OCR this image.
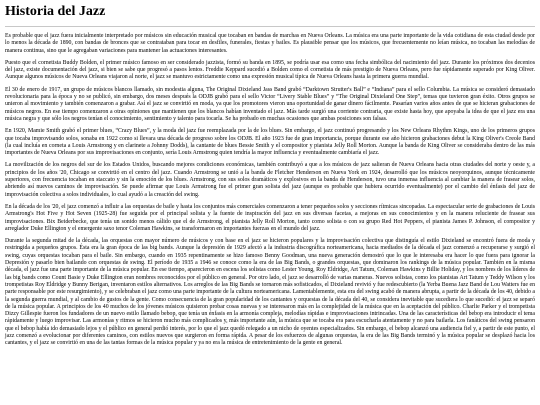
Historia del Jazz

Es probable que el jazz fuera inicialmente interpretado por músicos sin educación musical que tocaban en bandas de marchas en Nueva Orleans. La música era una parte importante de la vida cotidiana de esta ciudad desde por lo menos la década de 1890, con bandas de bronces que se contrataban para tocar en desfiles, funerales, fiestas y bailes. Es plausible pensar que los músicos, que frecuentemente no leían música, no tocaban las melodías de manera continua, sino que le agregaban variaciones para mantener las actuaciones interesantes.

Puesto que el cornetista Buddy Bolden, el primer músico famoso en ser considerado jazzista, formó su banda en 1895, se podría usar esa como una fecha simbólica del nacimiento del jazz. Durante los próximos dos decenios del jazz, existe documentación del jazz, si bien se sabe que progresó a pasos lentos. Freddie Keppard sucedió a Bolden como el cornetista de más prestigio de Nueva Orleans, pero fue rápidamente superado por King Oliver. Aunque algunos músicos de Nueva Orleans viajaron al norte, el jazz se mantuvo estrictamente como una expresión musical típica de Nueva Orleans hasta la primera guerra mundial.

El 30 de enero de 1917, un grupo de músicos blancos llamado, sin modestia alguna, The Original Dixieland Jass Band grabó “Darktown Strutter's Ball” e “Indiana” para el sello Columbia. La música se consideró demasiado revolucionaria para la época y no se publicó, sin embargo, dos meses después la ODJB grabó para el sello Victor “Livery Stable Blues” y “The Original Dixieland One Step”, temas que tuvieron gran éxito. Otros grupos se unieron al movimiento y también comenzaron a grabar. Así el jazz se convirtió en moda, ya que los promotores vieron una oportunidad de ganar dinero fácilmente. Pasarían varios años antes de que se hicieran grabaciones de músicos negros. En ese tiempo comenzaron a otras opiniones que mantienen que los blancos habían inventado el jazz. Más tarde surgió una corriente contraria, que existe hasta hoy, que apoyaba la idea de que el jazz era una música negra y que sólo los negros tenían el conocimiento, sentimiento y talento para tocarla. Se ha probado en muchas ocasiones que ambas posiciones son falsas.

En 1920, Mamie Smith grabó el primer blues, “Crazy Blues”, y la moda del jazz fue reemplazada por la de los blues. Sin embargo, el jazz continuó progresando y los New Orleans Rhythm Kings, uno de los primeros grupos que tocaba improvisando solos, sonaba en 1922 como si llevara una década de progreso sobre los ODJB. El año 1923 fue de gran importancia, porque durante ese año hicieron grabaciones debut la King Oliver's Creole Band (la cual incluía en corneta a Louis Armstrong y en clarinete a Johnny Dodds), la cantante de blues Bessie Smith y el compositor y pianista Jelly Roll Morton. Aunque la banda de King Oliver se consideraba dentro de las más importantes de Nueva Orleans por sus improvisaciones en conjunto, sería Louis Armstrong quien tendría la mayor influencia y eventualmente cambiaría el jazz.

La movilización de los negros del sur de los Estados Unidos, buscando mejores condiciones económicas, también contribuyó a que a los músicos de jazz salieran de Nueva Orleans hacia otras ciudades del norte y oeste y, a principios de los años '20, Chicago se convirtió en el centro del jazz. Cuando Armstrong se unió a la banda de Fletcher Henderson en Nueva York en 1924, desarrolló que los músicos neoyorquinos, aunque técnicamente superiores, con frecuencia tocaban en staccato y sin la emoción de los blues. Armstrong, con sus solos dramáticos y explosivos en la banda de Henderson, tuvo una inmensa influencia al cambiar la manera de frasear solos, abriendo así nuevos caminos de improvisación. Se puede afirmar que Louis Armstrong fue el primer gran solista del jazz (aunque es probable que hubiera ocurrido eventualmente) por el cambio del énfasis del jazz de improvisación colectiva a solos individuales, lo cual ayudó a la creación del swing.

En la década de los '20, el jazz comenzó a influir a las orquestas de baile y hasta los conjuntos más comerciales comenzaron a tener pequeños solos y secciones rítmicas sincopadas. La espectacular serie de grabaciones de Louis Armstrong's Hot Five y Hot Seven (1925-28) fue seguida por el principal solista y la fuente de inspiración del jazz en sus diversas facetas, a mejoras en sus conocimientos y en la manera reluciente de frasear sus improvisaciones. Bix Beiderbecke, que tenía un sonido menos cálido que el de Armstrong, el pianista Jelly Roll Morton, tanto como solista o con su grupo Red Hot Peppers, el pianista James P. Johnson, el compositor y arreglador Duke Ellington y el emergente saxo tenor Coleman Hawkins, se transformaron en importantes fuerzas en el mundo del jazz.

Durante la segunda mitad de la década, las orquestas con mayor número de músicos y con base en el jazz se hicieron populares y la improvisación colectiva que distinguía el estilo Dixieland se encontró fuera de moda y restringida a pequeños grupos. Ésta era la gran época de las big bands. Aunque la depresión de 1929 afectó a la industria discográfica norteamericana, hacia mediados de la década el jazz comenzó a recuperarse y surgió el swing, cuyas orquestas tocaban para el baile. Sin embargo, cuando en 1935 repentinamente se hizo famoso Benny Goodman, una nueva generación demostró que lo que le interesaba era hacer lo que fuera para ignorar la Depresión y pasarlo bien bailando con orquestas de swing. El período de 1935 a 1946 se conoce como la era de las Big Bands, o grandes orquestas, que dominaron los rankings de la música popular. También en la misma década, el jazz fue una parte importante de la música popular. En ese tiempo, aparecieron en escena los solistas como Lester Young, Roy Eldridge, Art Tatum, Coleman Hawkins y Billie Holiday, y los nombres de los líderes de las big bands como Count Basie y Duke Ellington eran nombres reconocidos por el público en general. Por otro lado, el jazz se desarrolló de varias maneras. Nuevos solistas, como los pianistas Art Tatum y Teddy Wilson y los trompetistas Roy Eldridge y Bunny Berigan, inventaron estilos alternativos. Los arreglos de las Big Bands se tornaron más sofisticados, el Dixieland revivió y fue redescubierto (la Yerba Buena Jazz Band de Lou Watters fue en parte responsable por este resurgimiento), y se celebraban el jazz como una parte importante de la cultura norteamericana. Lamentablemente, esta era del swing acabó de manera abrupta, a partir de la década de los 40, debido a la segunda guerra mundial, y al cambio de gustos de la gente. Como consecuencia de la gran popularidad de los cantantes y orquestas de la década del 40, se considera inevitable que sucediera lo que sucedió: el jazz se separó de la música popular. A principios de los 40 muchos de los jóvenes músicos quisieron probar cosas nuevas y se interesaron más en la complejidad de la música que en la aceptación del público. Charlie Parker y el trompetista Dizzy Gillespie fueron los fundadores de un nuevo estilo llamado bebop, que tenía un énfasis en la armonía compleja, melodías rápidas e improvisaciones intrincadas. Una de las características del bebop era introducir el tema rápidamente y luego improvisar. Las armonías y ritmos se hicieron mucho más complicados y, más importante aún, la música que se tocaba era para escucharla atentamente y no para bailarla. Los fanáticos del swing pensaron que el bebop había ido demasiado lejos y el público en general perdió interés, por lo que el jazz quedó relegado a un nicho de oyentes especializados. Sin embargo, el bebop alcanzó una audiencia fiel y, a partir de este punto, el jazz comenzó a evolucionar por diferentes caminos, con estilos nuevos que surgieron en forma rápida. A pesar de los esfuerzos de algunas orquestas, la era de las Big Bands terminó y la música popular se desplazó hacia los cantantes, y el jazz se convirtió en una de las tantas formas de la música popular y ya no era la música de entretenimiento de la gente en general.
